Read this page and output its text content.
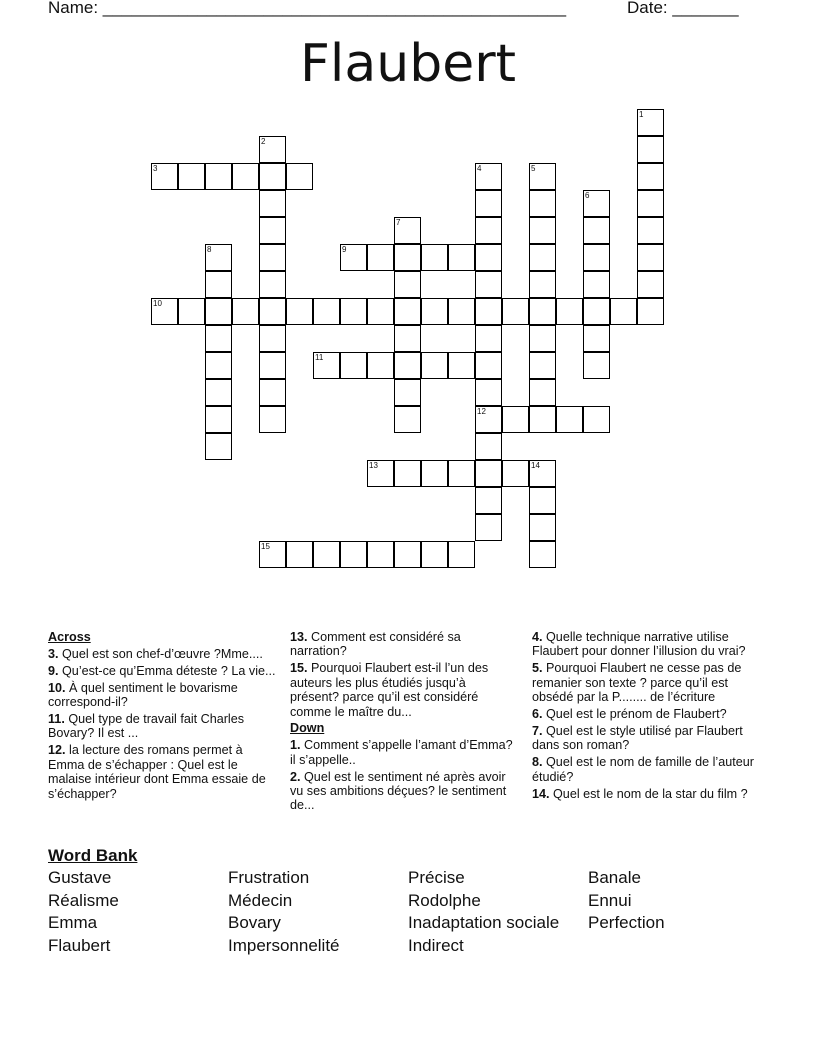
Name: _________________________________________________	Date: _______
Flaubert
1
2
3	4	5
6
7
8	9
10
11
12
13	14
15

Across

3. Quel est son chef-d’œuvre ?Mme....

9. Qu’est-ce qu’Emma déteste ? La vie...

10. À quel sentiment le bovarisme correspond-il?

11. Quel type de travail fait Charles Bovary? Il est ...

12. la lecture des romans permet à Emma de s’échapper : Quel est le malaise intérieur dont Emma essaie de s’échapper?

13. Comment est considéré sa narration?

15. Pourquoi Flaubert est-il l’un des auteurs les plus étudiés jusqu’à présent? parce qu’il est considéré comme le maître du...

Down

1. Comment s’appelle l’amant d’Emma? il s’appelle..

2. Quel est le sentiment né après avoir vu ses ambitions déçues? le sentiment de...

4. Quelle technique narrative utilise Flaubert pour donner l’illusion du vrai?

5. Pourquoi Flaubert ne cesse pas de remanier son texte ? parce qu’il est obsédé par la P........ de l’écriture

6. Quel est le prénom de Flaubert?

7. Quel est le style utilisé par Flaubert dans son roman?

8. Quel est le nom de famille de l’auteur étudié?

14. Quel est le nom de la star du film ?

Word Bank
Gustave	Frustration	Précise	Banale
Réalisme	Médecin	Rodolphe	Ennui
Emma	Bovary	Inadaptation sociale	Perfection
Flaubert	Impersonnelité	Indirect
